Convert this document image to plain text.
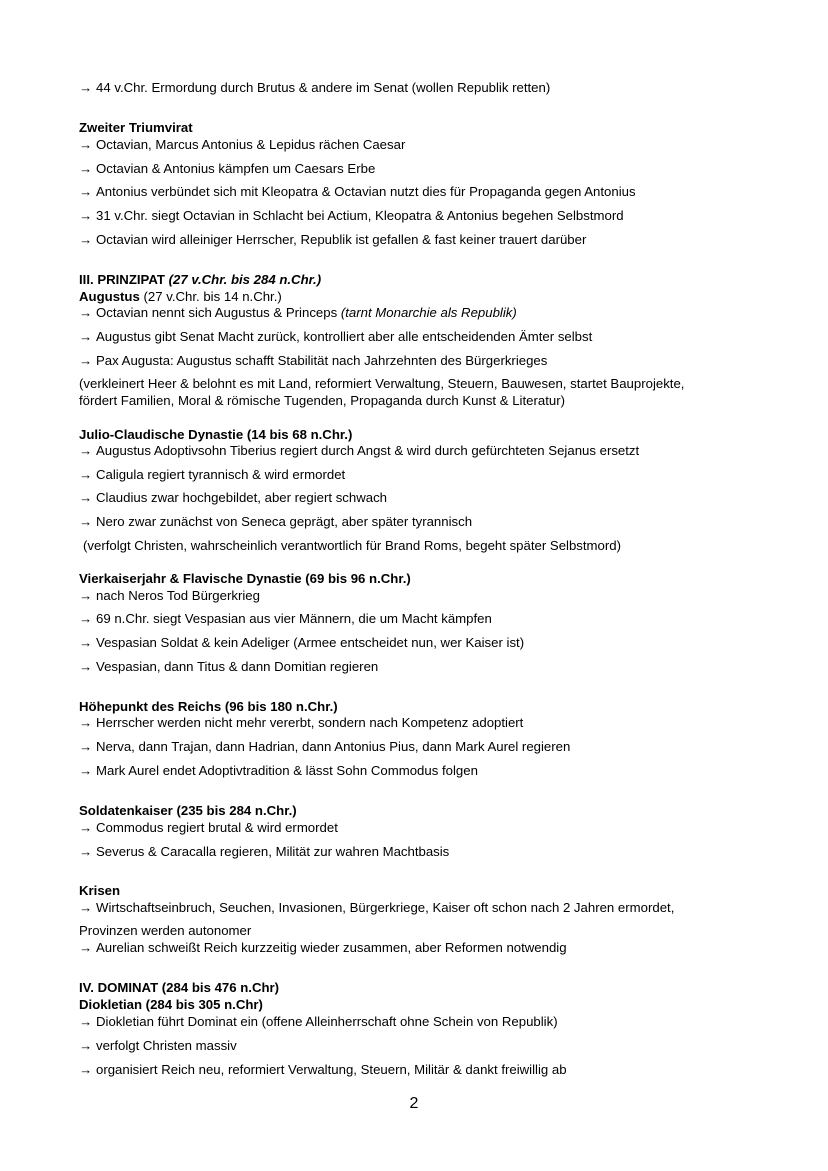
→ 44 v.Chr. Ermordung durch Brutus & andere im Senat (wollen Republik retten)
Zweiter Triumvirat
→ Octavian, Marcus Antonius & Lepidus rächen Caesar
→ Octavian & Antonius kämpfen um Caesars Erbe
→ Antonius verbündet sich mit Kleopatra & Octavian nutzt dies für Propaganda gegen Antonius
→ 31 v.Chr. siegt Octavian in Schlacht bei Actium, Kleopatra & Antonius begehen Selbstmord
→ Octavian wird alleiniger Herrscher, Republik ist gefallen & fast keiner trauert darüber
III. PRINZIPAT (27 v.Chr. bis 284 n.Chr.)
Augustus (27 v.Chr. bis 14 n.Chr.)
→ Octavian nennt sich Augustus & Princeps (tarnt Monarchie als Republik)
→ Augustus gibt Senat Macht zurück, kontrolliert aber alle entscheidenden Ämter selbst
→ Pax Augusta: Augustus schafft Stabilität nach Jahrzehnten des Bürgerkrieges
(verkleinert Heer & belohnt es mit Land, reformiert Verwaltung, Steuern, Bauwesen, startet Bauprojekte,
fördert Familien, Moral & römische Tugenden, Propaganda durch Kunst & Literatur)
Julio-Claudische Dynastie (14 bis 68 n.Chr.)
→ Augustus Adoptivsohn Tiberius regiert durch Angst & wird durch gefürchteten Sejanus ersetzt
→ Caligula regiert tyrannisch & wird ermordet
→ Claudius zwar hochgebildet, aber regiert schwach
→ Nero zwar zunächst von Seneca geprägt, aber später tyrannisch
(verfolgt Christen, wahrscheinlich verantwortlich für Brand Roms, begeht später Selbstmord)
Vierkaiserjahr & Flavische Dynastie (69 bis 96 n.Chr.)
→ nach Neros Tod Bürgerkrieg
→ 69 n.Chr. siegt Vespasian aus vier Männern, die um Macht kämpfen
→ Vespasian Soldat & kein Adeliger (Armee entscheidet nun, wer Kaiser ist)
→ Vespasian, dann Titus & dann Domitian regieren
Höhepunkt des Reichs (96 bis 180 n.Chr.)
→ Herrscher werden nicht mehr vererbt, sondern nach Kompetenz adoptiert
→ Nerva, dann Trajan, dann Hadrian, dann Antonius Pius, dann Mark Aurel regieren
→ Mark Aurel endet Adoptivtradition & lässt Sohn Commodus folgen
Soldatenkaiser (235 bis 284 n.Chr.)
→ Commodus regiert brutal & wird ermordet
→ Severus & Caracalla regieren, Milität zur wahren Machtbasis
Krisen
→ Wirtschaftseinbruch, Seuchen, Invasionen, Bürgerkriege, Kaiser oft schon nach 2 Jahren ermordet,
Provinzen werden autonomer
→ Aurelian schweißt Reich kurzzeitig wieder zusammen, aber Reformen notwendig
IV. DOMINAT (284 bis 476 n.Chr)
Diokletian (284 bis 305 n.Chr)
→ Diokletian führt Dominat ein (offene Alleinherrschaft ohne Schein von Republik)
→ verfolgt Christen massiv
→ organisiert Reich neu, reformiert Verwaltung, Steuern, Militär & dankt freiwillig ab
2
